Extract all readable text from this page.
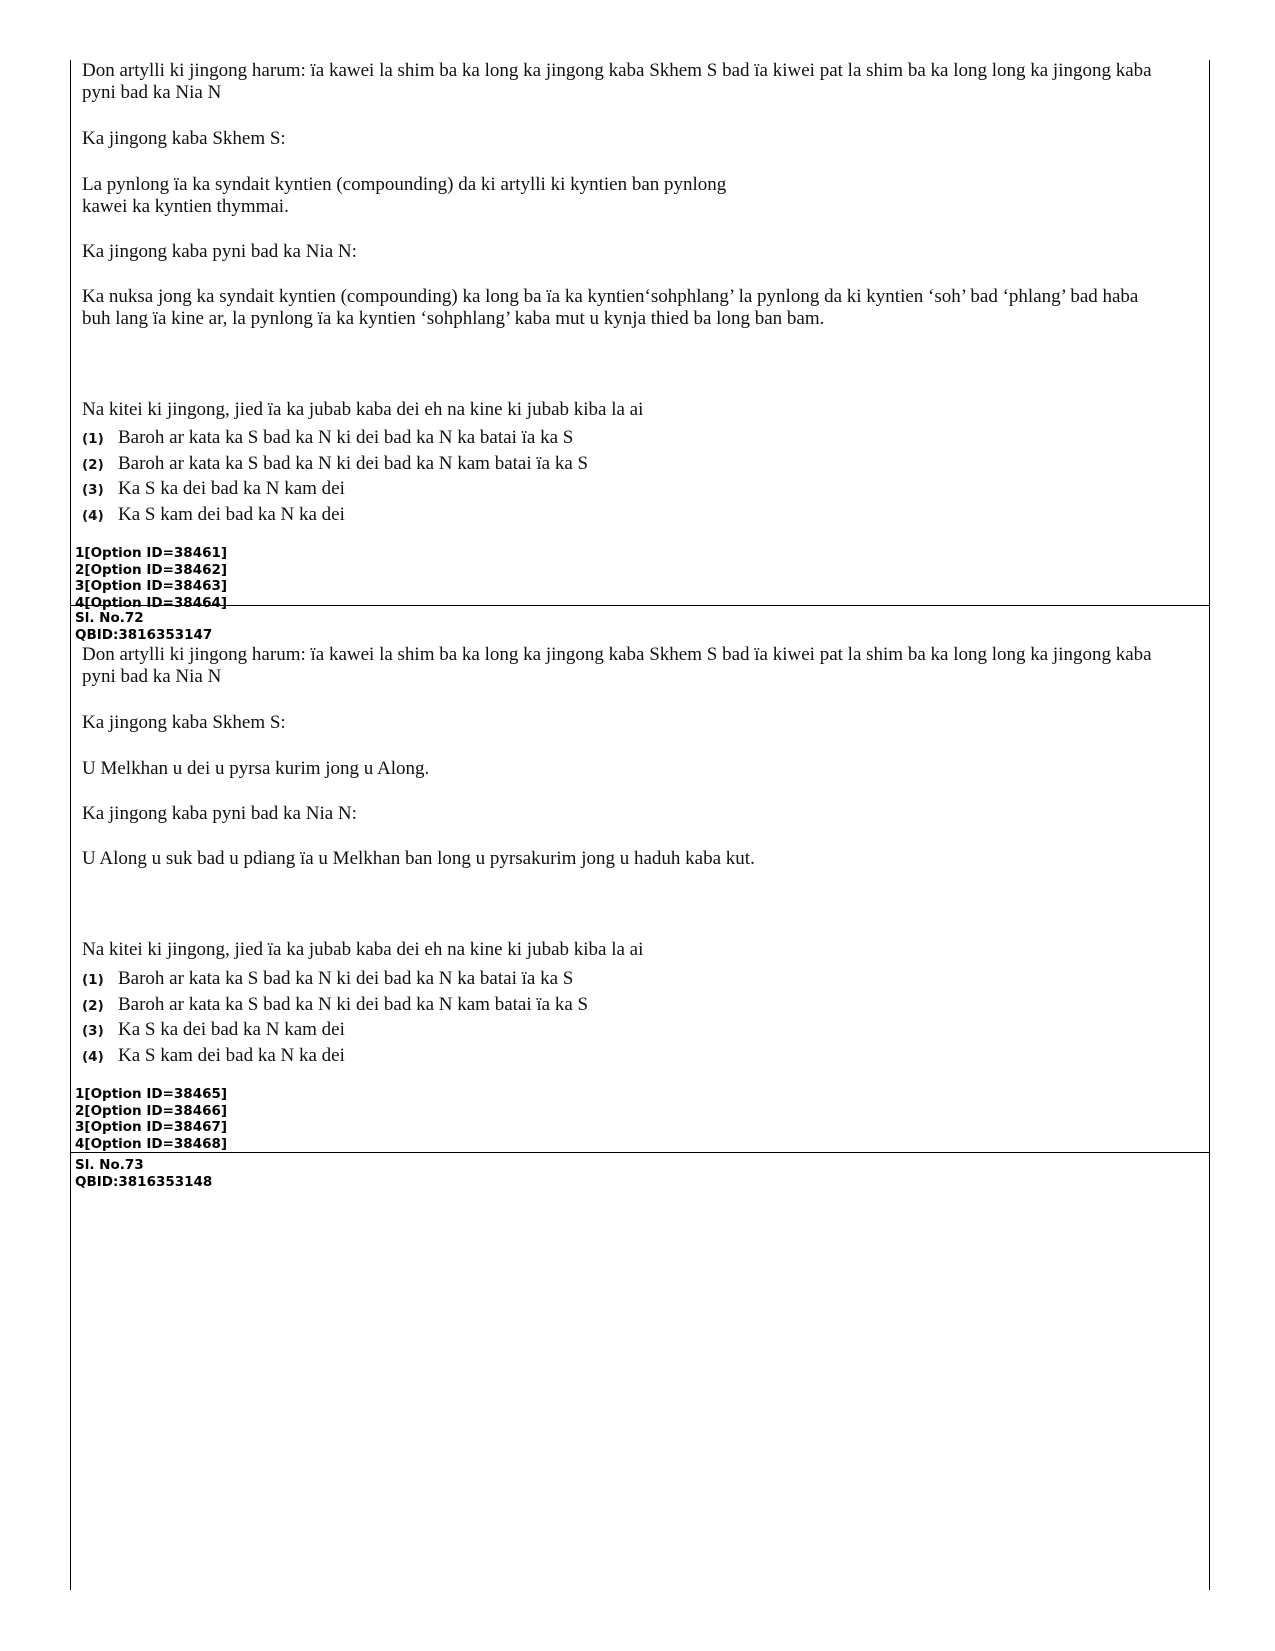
Don artylli ki jingong harum: ïa kawei la shim ba ka long ka jingong kaba Skhem S bad ïa kiwei pat la shim ba ka long long ka jingong kaba pyni bad ka Nia N

Ka jingong kaba Skhem S:

La pynlong ïa ka syndait kyntien (compounding) da ki artylli ki kyntien ban pynlong
kawei ka kyntien thymmai.

Ka jingong kaba pyni bad ka Nia N:

Ka nuksa jong ka syndait kyntien (compounding) ka long ba ïa ka kyntien‘sohphlang’ la pynlong da ki kyntien ‘soh’ bad ‘phlang’ bad haba buh lang ïa kine ar, la pynlong ïa ka kyntien ‘sohphlang’ kaba mut u kynja thied ba long ban bam.

Na kitei ki jingong, jied ïa ka jubab kaba dei eh na kine ki jubab kiba la ai

(1) Baroh ar kata ka S bad ka N ki dei bad ka N ka batai ïa ka S
(2) Baroh ar kata ka S bad ka N ki dei bad ka N kam batai ïa ka S
(3) Ka S ka dei bad ka N kam dei
(4) Ka S kam dei bad ka N ka dei
1[Option ID=38461]
2[Option ID=38462]
3[Option ID=38463]
4[Option ID=38464]
Sl. No.72
QBID:3816353147

Don artylli ki jingong harum: ïa kawei la shim ba ka long ka jingong kaba Skhem S bad ïa kiwei pat la shim ba ka long long ka jingong kaba pyni bad ka Nia N

Ka jingong kaba Skhem S:

U Melkhan u dei u pyrsa kurim jong u Along.

Ka jingong kaba pyni bad ka Nia N:

U Along u suk bad u pdiang ïa u Melkhan ban long u pyrsakurim jong u haduh kaba kut.

Na kitei ki jingong, jied ïa ka jubab kaba dei eh na kine ki jubab kiba la ai

(1) Baroh ar kata ka S bad ka N ki dei bad ka N ka batai ïa ka S
(2) Baroh ar kata ka S bad ka N ki dei bad ka N kam batai ïa ka S
(3) Ka S ka dei bad ka N kam dei
(4) Ka S kam dei bad ka N ka dei
1[Option ID=38465]
2[Option ID=38466]
3[Option ID=38467]
4[Option ID=38468]
Sl. No.73
QBID:3816353148
